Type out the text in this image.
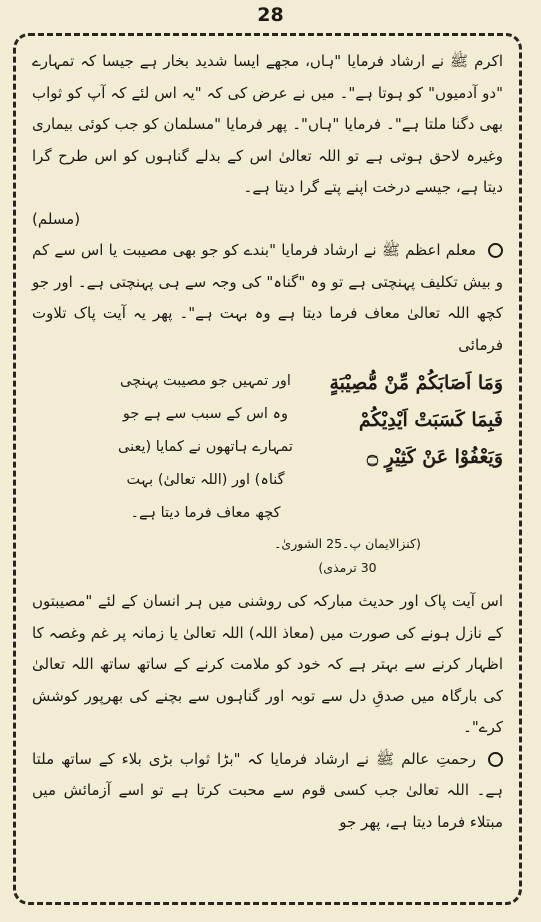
28

اکرم ﷺ نے ارشاد فرمایا "ہاں، مجھے ایسا شدید بخار ہے جیسا کہ تمہارے "دو آدمیوں" کو ہوتا ہے"۔ میں نے عرض کی کہ "یہ اس لئے کہ آپ کو ثواب بھی دگنا ملتا ہے"۔ فرمایا "ہاں"۔ پھر فرمایا "مسلمان کو جب کوئی بیماری وغیرہ لاحق ہوتی ہے تو اللہ تعالیٰ اس کے بدلے گناہوں کو اس طرح گرا دیتا ہے، جیسے درخت اپنے پتے گرا دیتا ہے۔
(مسلم)

معلم اعظم ﷺ نے ارشاد فرمایا "بندے کو جو بھی مصیبت یا اس سے کم و بیش تکلیف پہنچتی ہے تو وہ "گناہ" کی وجہ سے ہی پہنچتی ہے۔ اور جو کچھ اللہ تعالیٰ معاف فرما دیتا ہے وہ بہت ہے"۔ پھر یہ آیت پاک تلاوت فرمائی

وَمَا اَصَابَكُمْ مِّنْ مُّصِيْبَةٍ
فَبِمَا كَسَبَتْ اَيْدِيْكُمْ
وَيَعْفُوْا عَنْ كَثِيْرٍ ۝
اور تمہیں جو مصیبت پہنچی وہ اس کے سبب سے ہے جو تمہارے ہاتھوں نے کمایا (یعنی گناہ) اور (اللہ تعالیٰ) بہت کچھ معاف فرما دیتا ہے۔
(کنزالایمان پ۔25 الشوریٰ۔
30 ترمذی)

اس آیت پاک اور حدیث مبارکہ کی روشنی میں ہر انسان کے لئے "مصیبتوں کے نازل ہونے کی صورت میں (معاذ اللہ) اللہ تعالیٰ یا زمانہ پر غم وغصہ کا اظہار کرنے سے بہتر ہے کہ خود کو ملامت کرنے کے ساتھ ساتھ اللہ تعالیٰ کی بارگاہ میں صدقِ دل سے توبہ اور گناہوں سے بچنے کی بھرپور کوشش کرے"۔

رحمتِ عالم ﷺ نے ارشاد فرمایا کہ "بڑا ثواب بڑی بلاء کے ساتھ ملتا ہے۔ اللہ تعالیٰ جب کسی قوم سے محبت کرتا ہے تو اسے آزمائش میں مبتلاء فرما دیتا ہے، پھر جو
